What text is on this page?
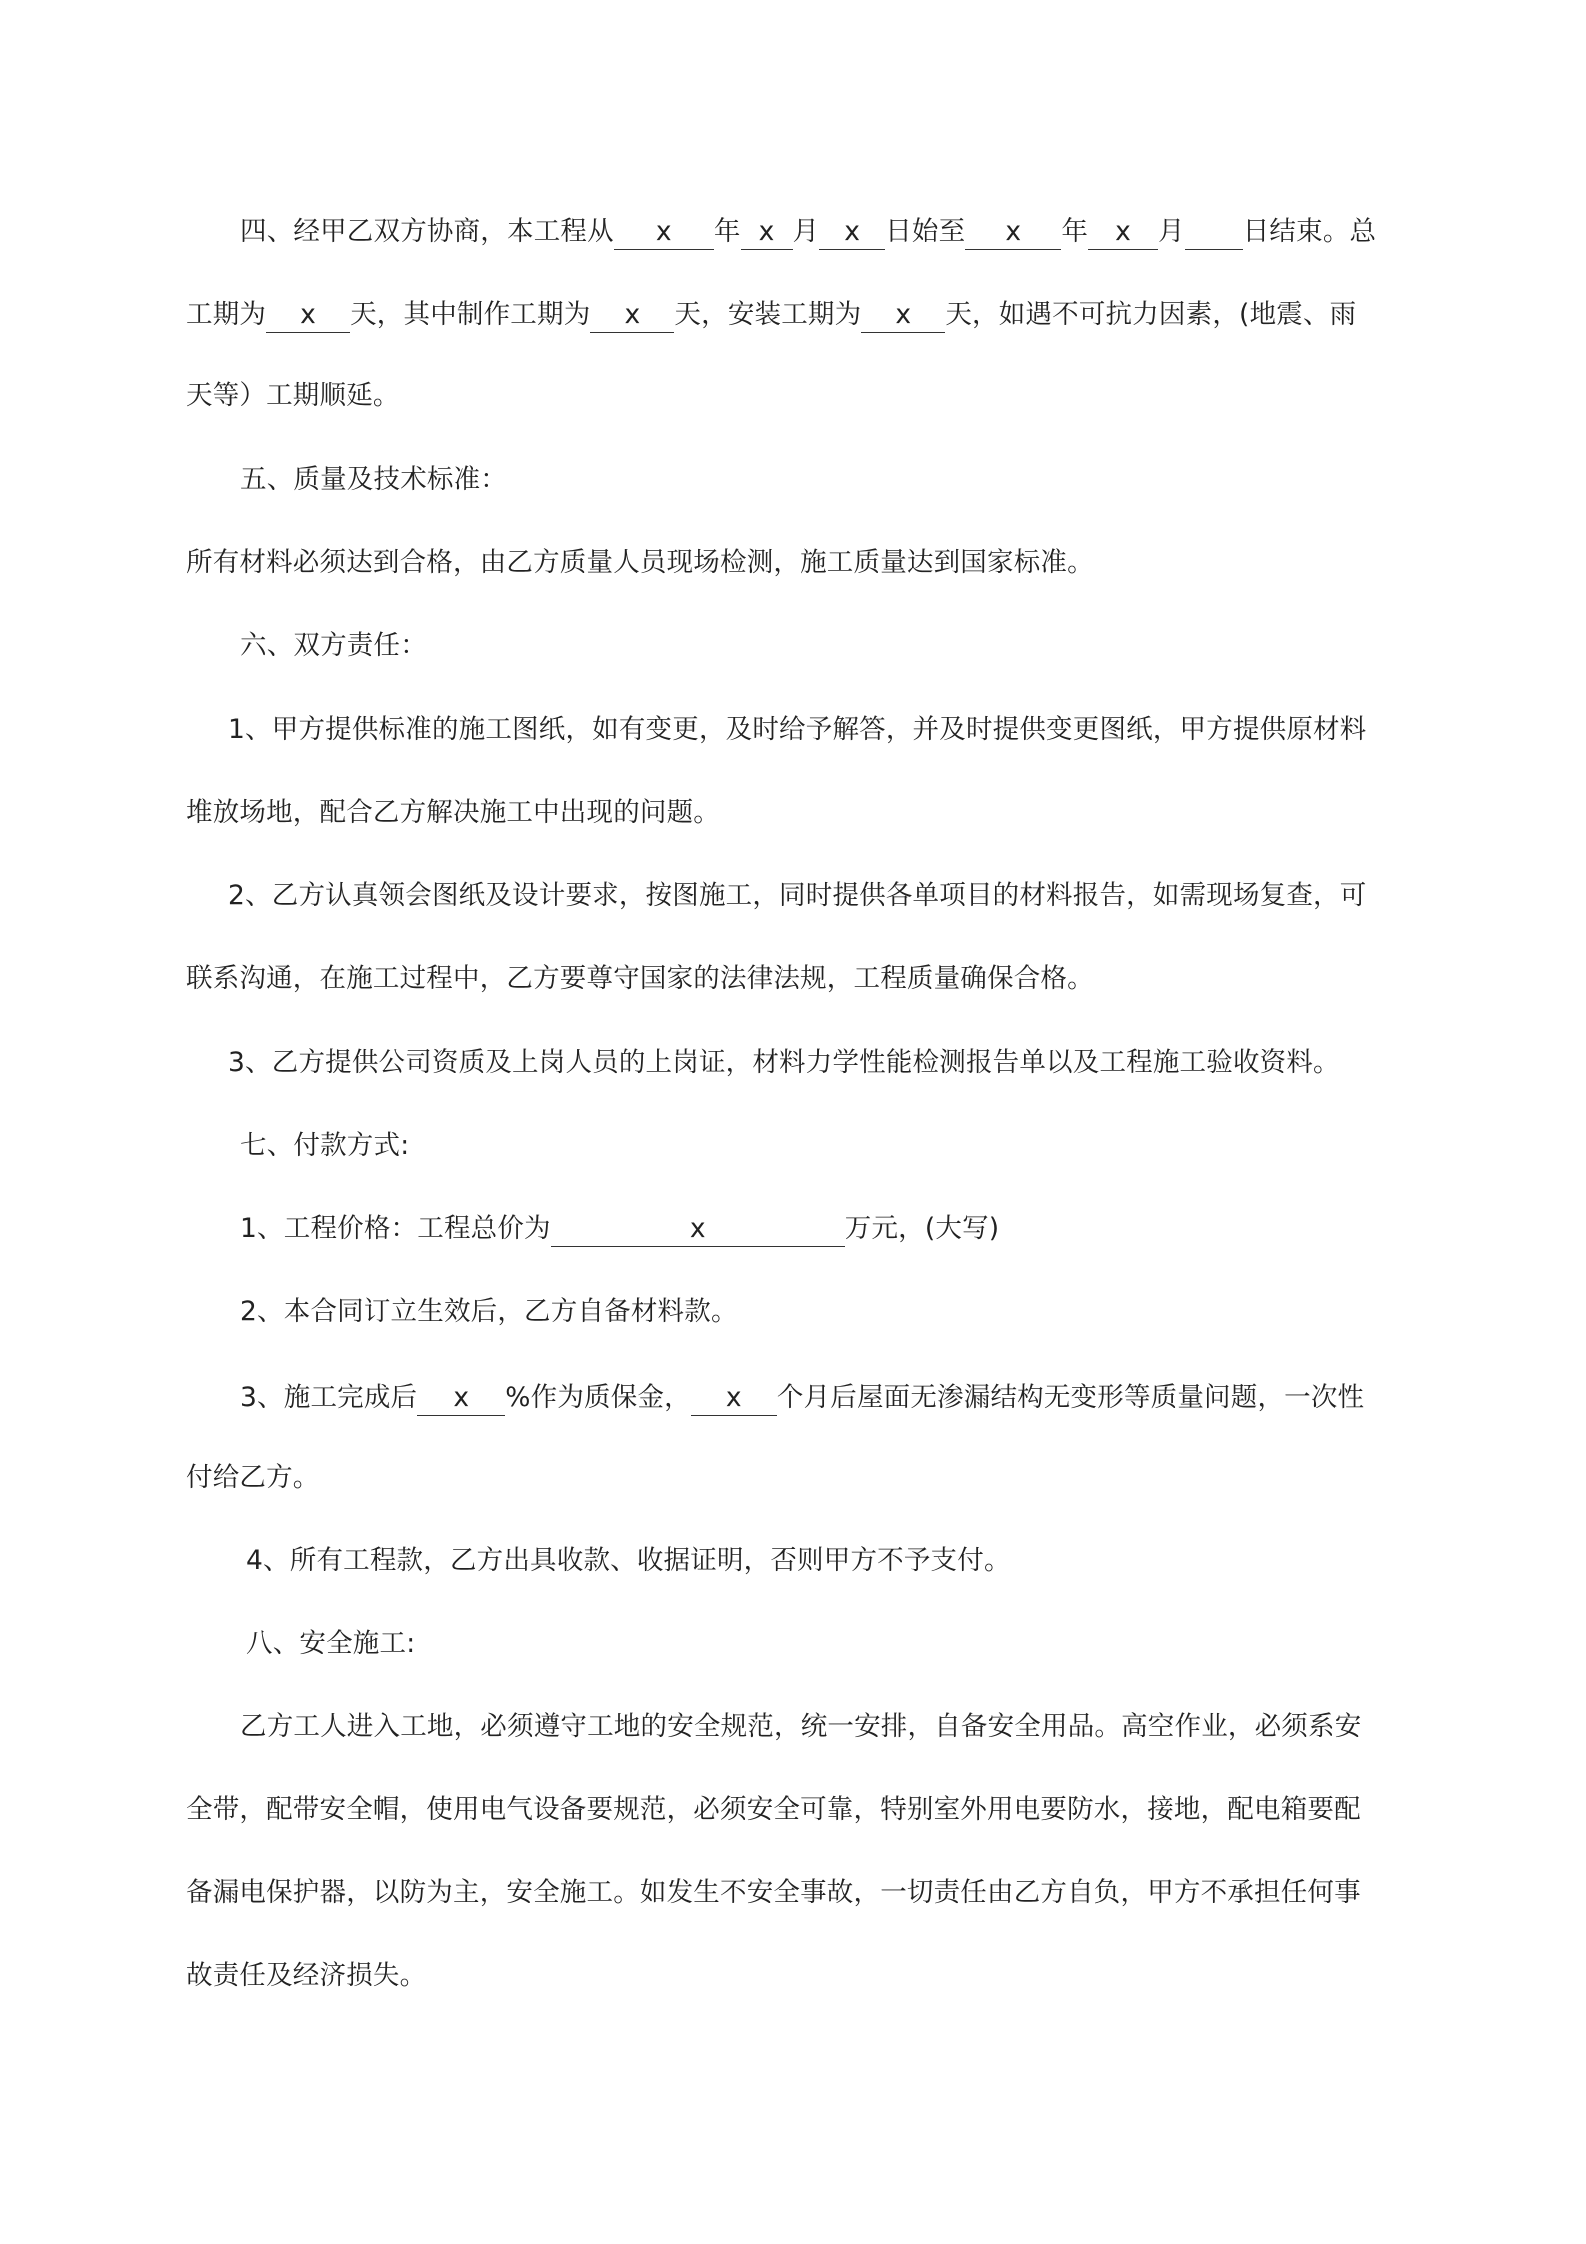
四、经甲乙双方协商，本工程从 x 年 x 月 x 日始至 x 年 x 月 日结束。总
工期为 x 天，其中制作工期为 x 天，安装工期为 x 天，如遇不可抗力因素，(地震、雨
天等）工期顺延。
五、质量及技术标准：
所有材料必须达到合格，由乙方质量人员现场检测，施工质量达到国家标准。
六、双方责任：
1、甲方提供标准的施工图纸，如有变更，及时给予解答，并及时提供变更图纸，甲方提供原材料
堆放场地，配合乙方解决施工中出现的问题。
2、乙方认真领会图纸及设计要求，按图施工，同时提供各单项目的材料报告，如需现场复查，可
联系沟通，在施工过程中，乙方要尊守国家的法律法规，工程质量确保合格。
3、乙方提供公司资质及上岗人员的上岗证，材料力学性能检测报告单以及工程施工验收资料。
七、付款方式:
1、工程价格：工程总价为	x	万元，(大写)
2、本合同订立生效后，乙方自备材料款。
3、施工完成后 x %作为质保金， x 个月后屋面无渗漏结构无变形等质量问题，一次性
付给乙方。
4、所有工程款，乙方出具收款、收据证明，否则甲方不予支付。
八、安全施工:
乙方工人进入工地，必须遵守工地的安全规范，统一安排，自备安全用品。高空作业，必须系安
全带，配带安全帽，使用电气设备要规范，必须安全可靠，特别室外用电要防水，接地，配电箱要配
备漏电保护器，以防为主，安全施工。如发生不安全事故，一切责任由乙方自负，甲方不承担任何事
故责任及经济损失。
